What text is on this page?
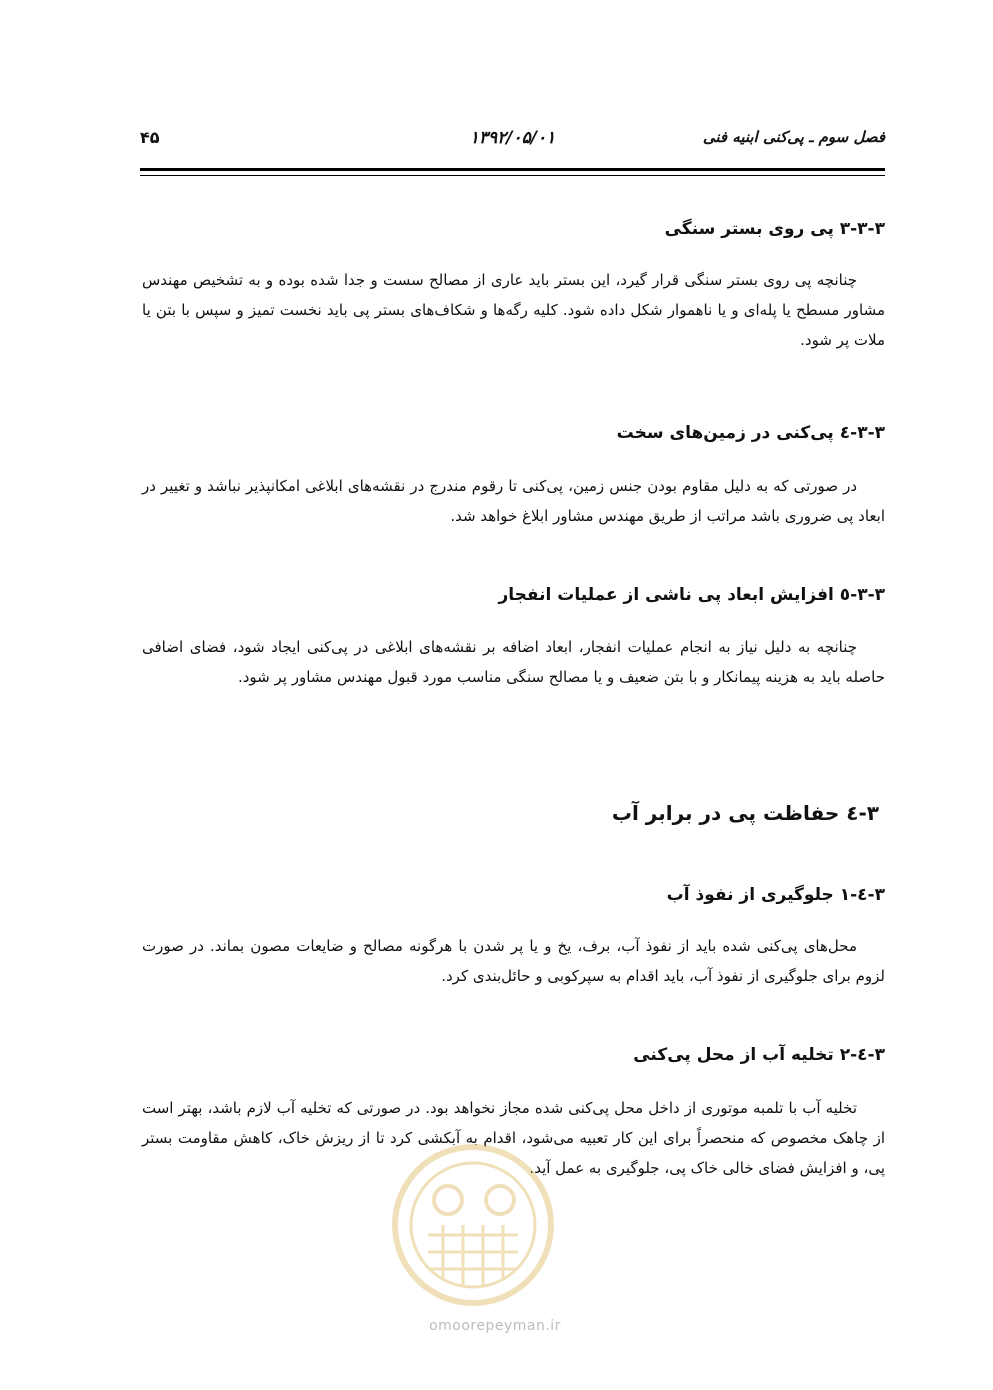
فصل سوم ـ پی‌کنی ابنیه فنی
۱۳۹۲/۰۵/۰۱
۴۵
۳-۳-۳ پی روی بستر سنگی

چنانچه پی روی بستر سنگی قرار گیرد، این بستر باید عاری از مصالح سست و جدا شده بوده و به تشخیص مهندس مشاور مسطح یا پله‌ای و یا ناهموار شکل داده شود. کلیه رگه‌ها و شکاف‌های بستر پی باید نخست تمیز و سپس با بتن یا ملات پر شود.

۳-۳-٤ پی‌کنی در زمین‌های سخت

در صورتی که به دلیل مقاوم بودن جنس زمین، پی‌کنی تا رقوم مندرج در نقشه‌های ابلاغی امکانپذیر نباشد و تغییر در ابعاد پی ضروری باشد مراتب از طریق مهندس مشاور ابلاغ خواهد شد.

۳-۳-٥ افزایش ابعاد پی ناشی از عملیات انفجار

چنانچه به دلیل نیاز به انجام عملیات انفجار، ابعاد اضافه بر نقشه‌های ابلاغی در پی‌کنی ایجاد شود، فضای اضافی حاصله باید به هزینه پیمانکار و با بتن ضعیف و یا مصالح سنگی مناسب مورد قبول مهندس مشاور پر شود.

۳-٤ حفاظت پی در برابر آب
۳-٤-۱ جلوگیری از نفوذ آب

محل‌های پی‌کنی شده باید از نفوذ آب، برف، یخ و یا پر شدن با هرگونه مصالح و ضایعات مصون بماند. در صورت لزوم برای جلوگیری از نفوذ آب، باید اقدام به سپرکوبی و حائل‌بندی کرد.

۳-٤-۲ تخلیه آب از محل پی‌کنی

تخلیه آب با تلمبه موتوری از داخل محل پی‌کنی شده مجاز نخواهد بود. در صورتی که تخلیه آب لازم باشد، بهتر است از چاهک مخصوص که منحصراً برای این کار تعبیه می‌شود، اقدام به آبکشی کرد تا از ریزش خاک، کاهش مقاومت بستر پی، و افزایش فضای خالی خاک پی، جلوگیری به عمل آید.

omoorepeyman.ir
